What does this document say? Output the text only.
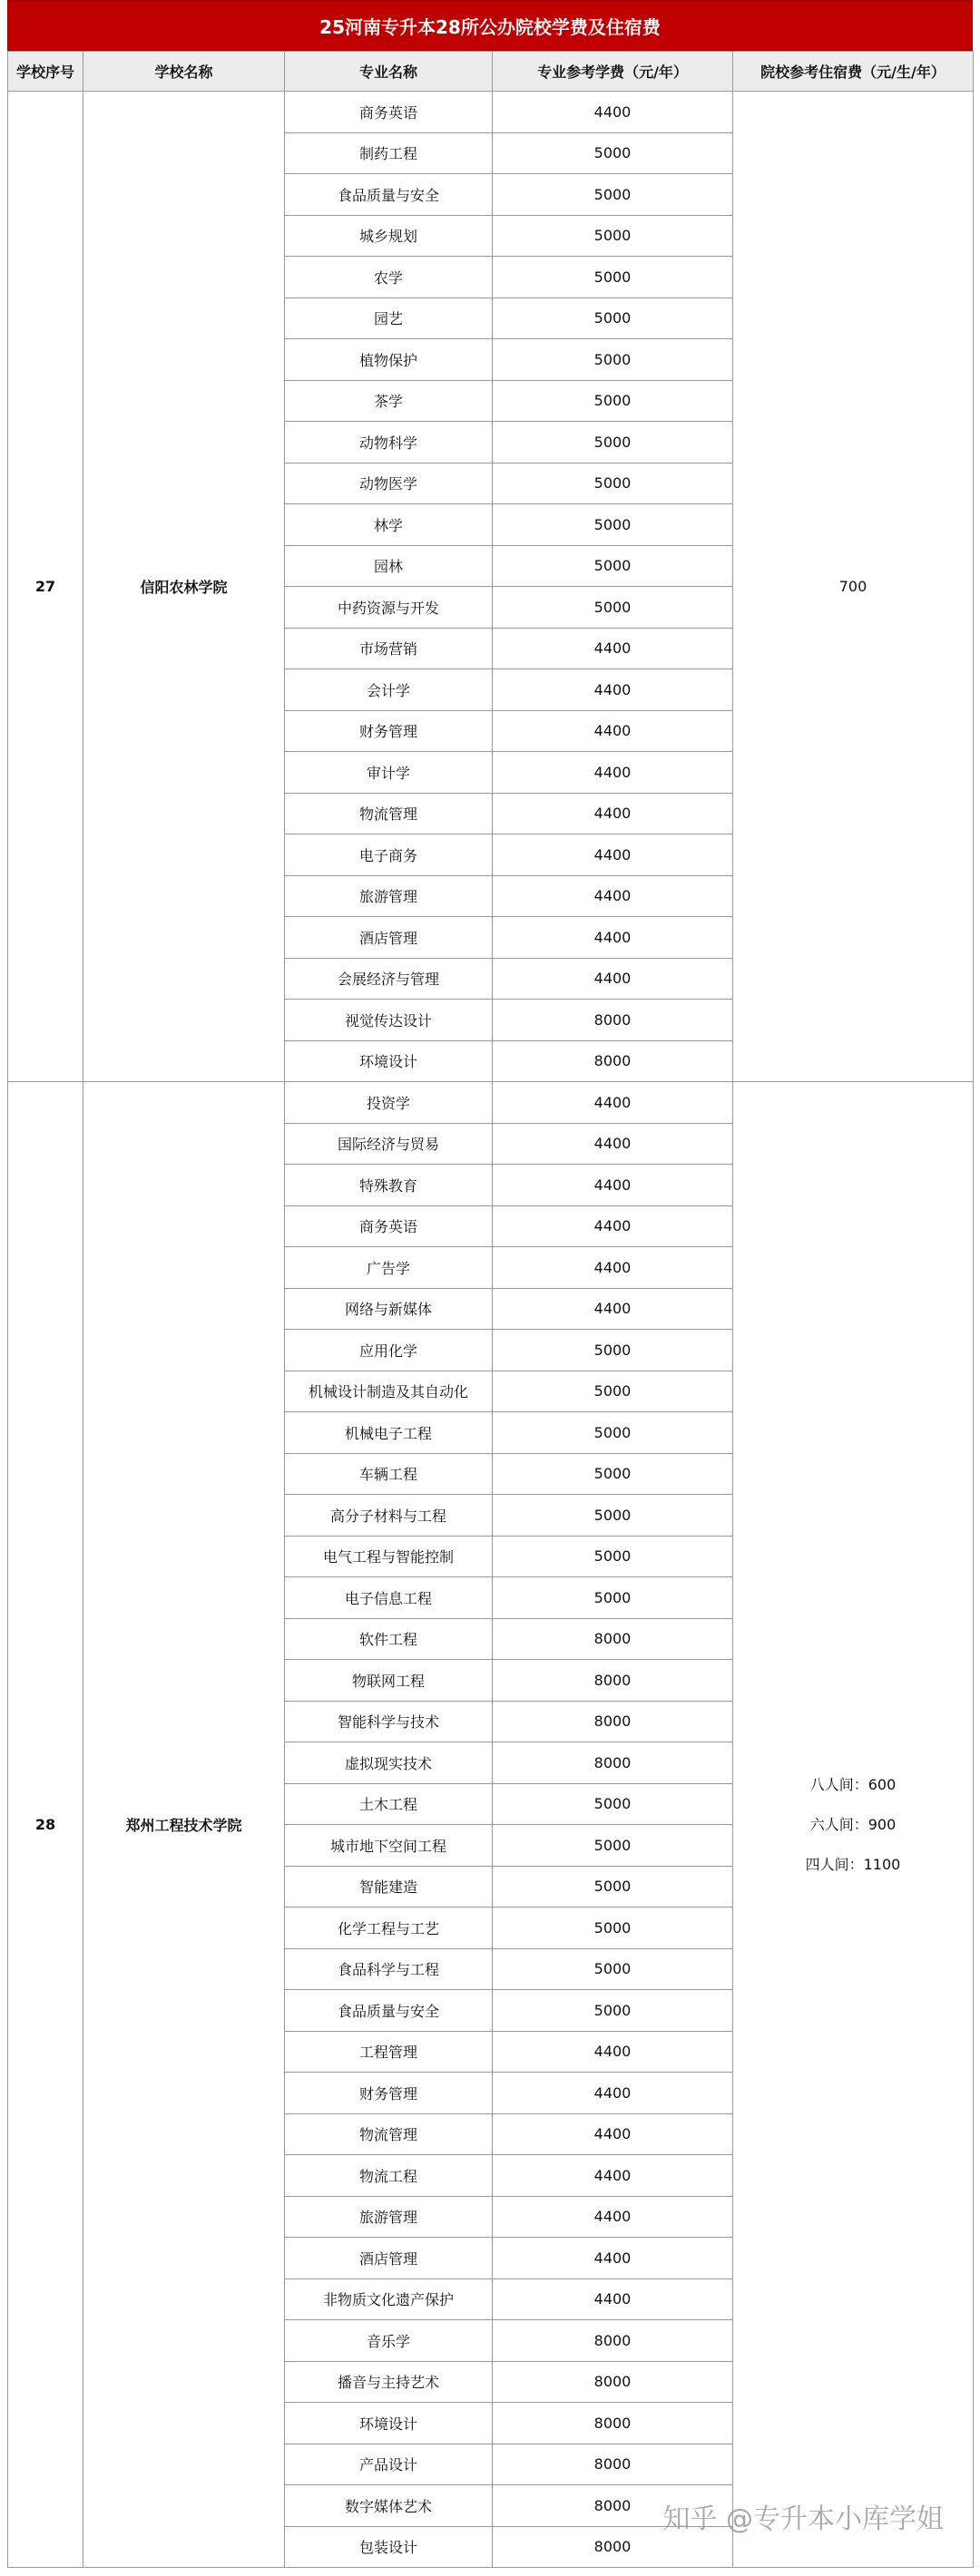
25河南专升本28所公办院校学费及住宿费
学校序号	学校名称	专业名称	专业参考学费（元/年）	院校参考住宿费（元/生/年）
27	信阳农林学院	商务英语	4400	700

		制药工程	5000	
		食品质量与安全	5000	
		城乡规划	5000	
		农学	5000	
		园艺	5000	
		植物保护	5000	
		茶学	5000	
		动物科学	5000	
		动物医学	5000	
		林学	5000	
		园林	5000	
		中药资源与开发	5000	
		市场营销	4400	
		会计学	4400	
		财务管理	4400	
		审计学	4400	
		物流管理	4400	
		电子商务	4400	
		旅游管理	4400	
		酒店管理	4400	
		会展经济与管理	4400	
		视觉传达设计	8000	
		环境设计	8000	
28	郑州工程技术学院	投资学	4400	八人间：600
六人间：900
四人间：1100

		国际经济与贸易	4400	
		特殊教育	4400	
		商务英语	4400	
		广告学	4400	
		网络与新媒体	4400	
		应用化学	5000	
		机械设计制造及其自动化	5000	
		机械电子工程	5000	
		车辆工程	5000	
		高分子材料与工程	5000	
		电气工程与智能控制	5000	
		电子信息工程	5000	
		软件工程	8000	
		物联网工程	8000	
		智能科学与技术	8000	
		虚拟现实技术	8000	
		土木工程	5000	
		城市地下空间工程	5000	
		智能建造	5000	
		化学工程与工艺	5000	
		食品科学与工程	5000	
		食品质量与安全	5000	
		工程管理	4400	
		财务管理	4400	
		物流管理	4400	
		物流工程	4400	
		旅游管理	4400	
		酒店管理	4400	
		非物质文化遗产保护	4400	
		音乐学	8000	
		播音与主持艺术	8000	
		环境设计	8000	
		产品设计	8000	
		数字媒体艺术	8000	
		包装设计	8000	
知乎 @专升本小库学姐
